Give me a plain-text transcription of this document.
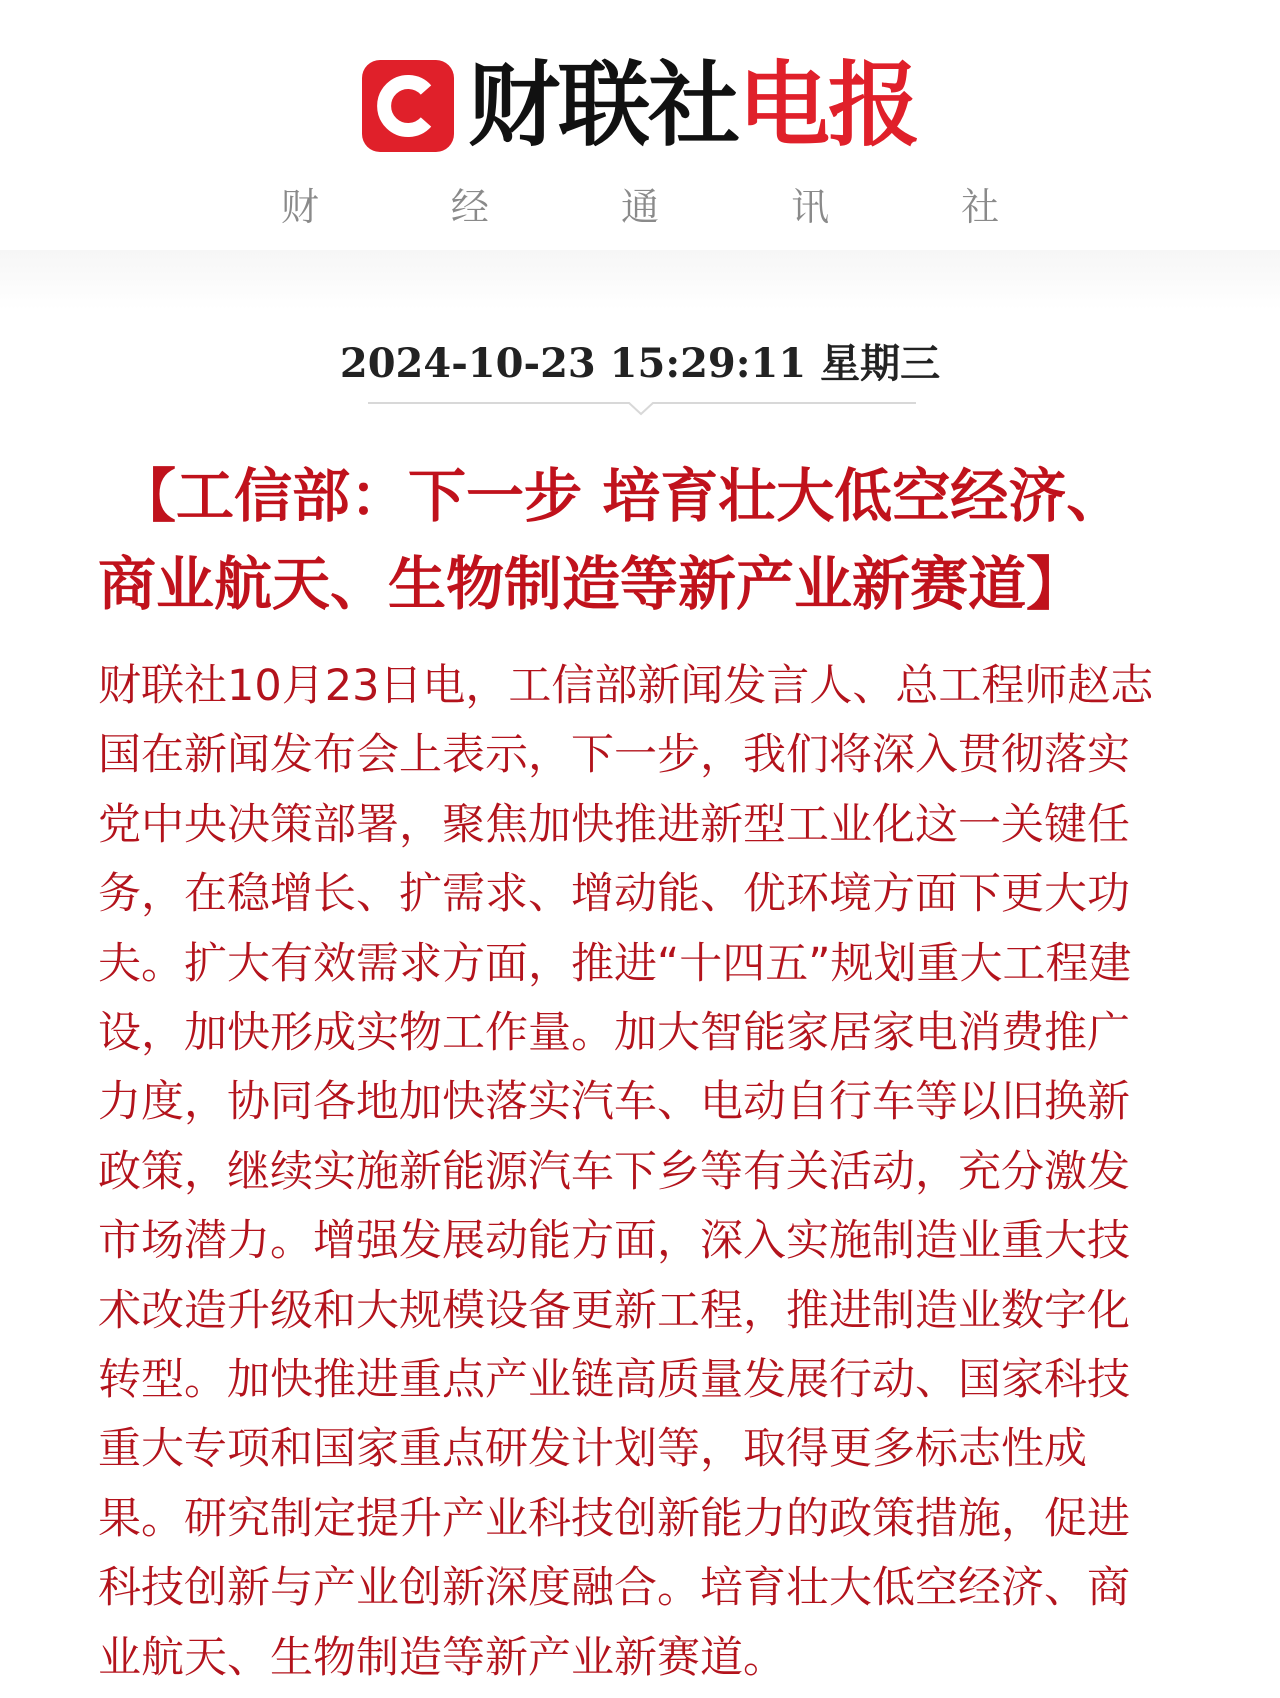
财联社 电报
财 经 通 讯 社
2024-10-23 15:29:11 星期三
【工信部：下一步 培育壮大低空经济、
商业航天、生物制造等新产业新赛道】
财联社10月23日电，工信部新闻发言人、总工程师赵志
国在新闻发布会上表示，下一步，我们将深入贯彻落实
党中央决策部署，聚焦加快推进新型工业化这一关键任
务，在稳增长、扩需求、增动能、优环境方面下更大功
夫。扩大有效需求方面，推进“十四五”规划重大工程建
设，加快形成实物工作量。加大智能家居家电消费推广
力度，协同各地加快落实汽车、电动自行车等以旧换新
政策，继续实施新能源汽车下乡等有关活动，充分激发
市场潜力。增强发展动能方面，深入实施制造业重大技
术改造升级和大规模设备更新工程，推进制造业数字化
转型。加快推进重点产业链高质量发展行动、国家科技
重大专项和国家重点研发计划等，取得更多标志性成
果。研究制定提升产业科技创新能力的政策措施，促进
科技创新与产业创新深度融合。培育壮大低空经济、商
业航天、生物制造等新产业新赛道。
